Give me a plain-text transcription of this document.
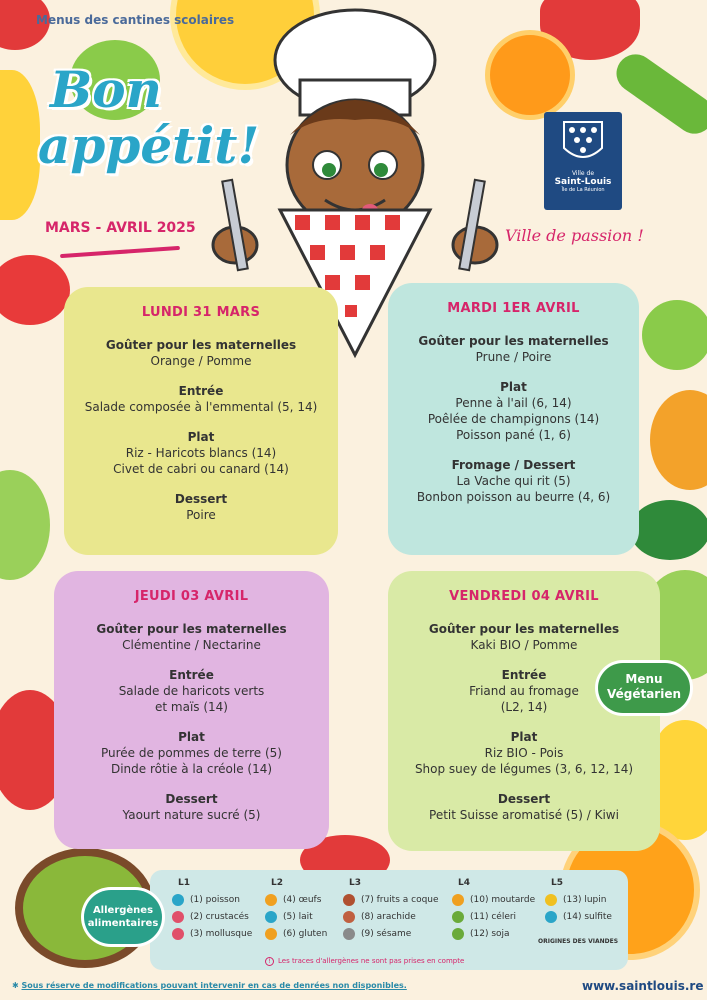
Menus des cantines scolaires
Bon
appétit!
MARS - AVRIL 2025
Ville de
Saint-Louis
Île de La Réunion
Ville de passion !
LUNDI 31 MARS
Goûter pour les maternelles
Orange / Pomme
Entrée
Salade composée à l'emmental (5, 14)
Plat
Riz - Haricots blancs (14)
Civet de cabri ou canard (14)
Dessert
Poire
MARDI 1ER AVRIL
Goûter pour les maternelles
Prune / Poire
Plat
Penne à l'ail (6, 14)
Poêlée de champignons (14)
Poisson pané (1, 6)
Fromage / Dessert
La Vache qui rit (5)
Bonbon poisson au beurre (4, 6)
JEUDI 03 AVRIL
Goûter pour les maternelles
Clémentine / Nectarine
Entrée
Salade de haricots verts
et maïs (14)
Plat
Purée de pommes de terre (5)
Dinde rôtie à la créole (14)
Dessert
Yaourt nature sucré (5)
VENDREDI 04 AVRIL
Goûter pour les maternelles
Kaki BIO / Pomme
Entrée
Friand au fromage
(L2, 14)
Plat
Riz BIO - Pois
Shop suey de légumes (3, 6, 12, 14)
Dessert
Petit Suisse aromatisé (5) / Kiwi
Menu
Végétarien
Allergènes
alimentaires
L1
(1) poisson
(2) crustacés
(3) mollusque
L2
(4) œufs
(5) lait
(6) gluten
L3
(7) fruits a coque
(8) arachide
(9) sésame
L4
(10) moutarde
(11) céleri
(12) soja
L5
(13) lupin
(14) sulfite
ORIGINES DES VIANDES
! Les traces d'allergènes ne sont pas prises en compte
✱ Sous réserve de modifications pouvant intervenir en cas de denrées non disponibles.	www.saintlouis.re
